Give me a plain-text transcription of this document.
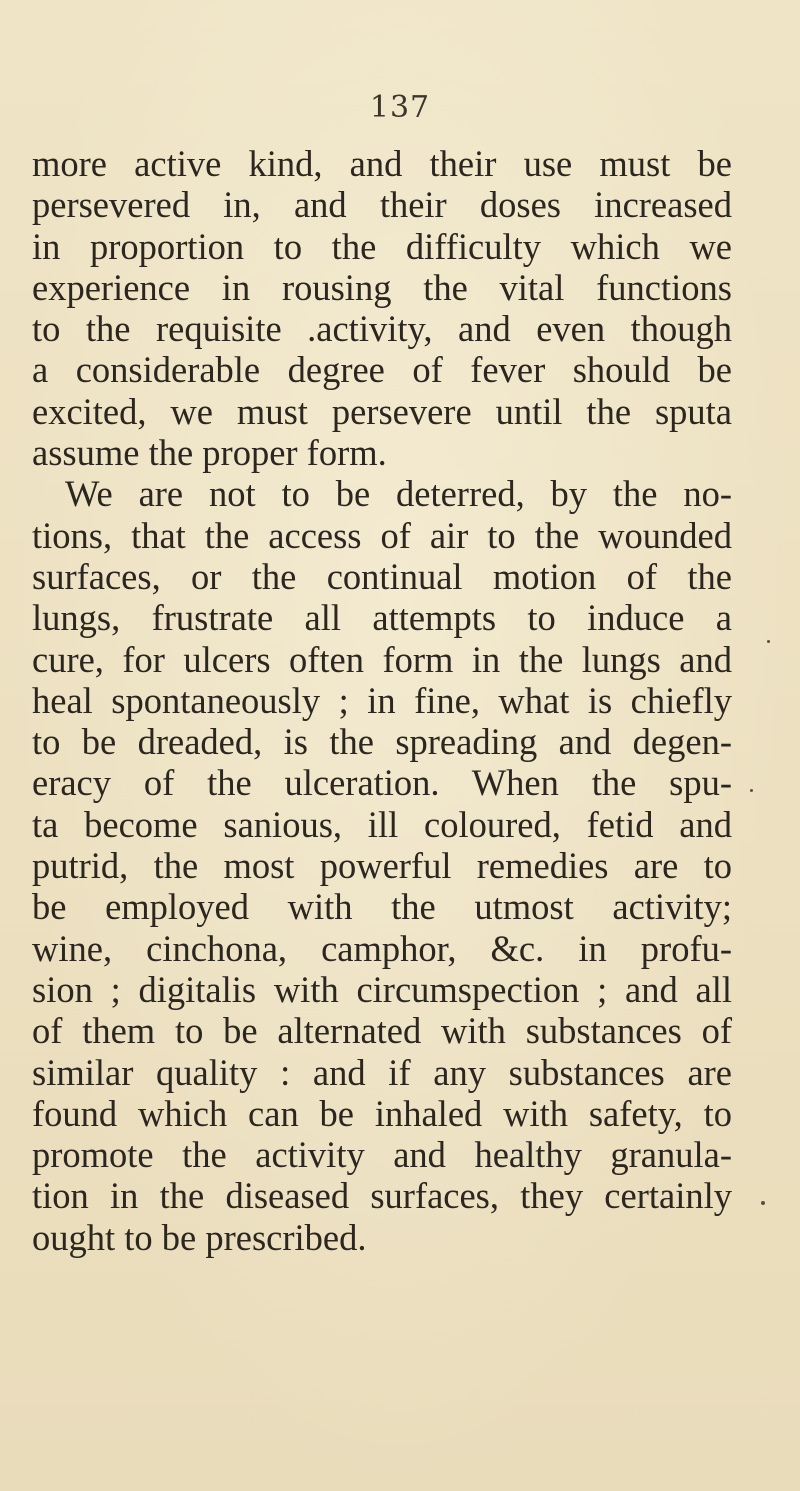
137
more active kind, and their use must be
persevered in, and their doses increased
in proportion to the difficulty which we
experience in rousing the vital functions
to the requisite .activity, and even though
a considerable degree of fever should be
excited, we must persevere until the sputa
assume the proper form.
We are not to be deterred, by the no-
tions, that the access of air to the wounded
surfaces, or the continual motion of the
lungs, frustrate all attempts to induce a
cure, for ulcers often form in the lungs and
heal spontaneously ; in fine, what is chiefly
to be dreaded, is the spreading and degen-
eracy of the ulceration. When the spu-
ta become sanious, ill coloured, fetid and
putrid, the most powerful remedies are to
be employed with the utmost activity;
wine, cinchona, camphor, &c. in profu-
sion ; digitalis with circumspection ; and all
of them to be alternated with substances of
similar quality : and if any substances are
found which can be inhaled with safety, to
promote the activity and healthy granula-
tion in the diseased surfaces, they certainly
ought to be prescribed.
